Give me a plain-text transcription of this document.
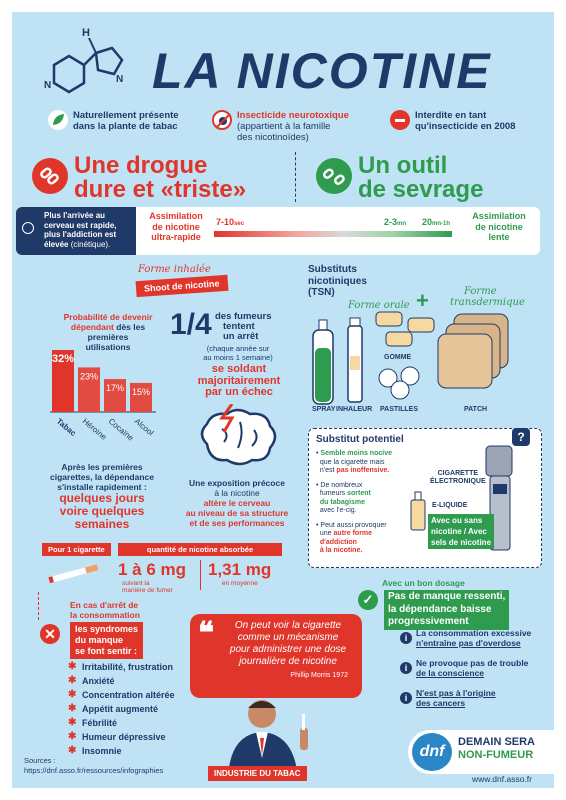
H
N
N LA NICOTINE
Naturellement présente
dans la plante de tabac
Insecticide neurotoxique
(appartient à la famille
des nicotinoïdes)
Interdite en tant
qu'insecticide en 2008
Une drogue
dure et «triste»
Un outil
de sevrage
Plus l'arrivée au
cerveau est rapide,
plus l'addiction est
élevée (cinétique).
Assimilation
de nicotine
ultra-rapide
7-10sec	2-3mn 20mn-1h
Assimilation
de nicotine
lente
Forme inhalée
Shoot de nicotine
Probabilité de devenir
dépendant dès les
premières
utilisations
32%
Tabac
23%
Héroïne
17%
Cocaïne
15%
Alcool
1/4 des fumeurs
tentent
un arrêt
(chaque année sur
au moins 1 semaine)
se soldant
majoritairement
par un échec
Une exposition précoce
à la nicotine
altère le cerveau
au niveau de sa structure
et de ses performances
Après les premières
cigarettes, la dépendance
s'installe rapidement :
quelques jours
voire quelques
semaines
Pour 1 cigarette	quantité de nicotine absorbée
1 à 6 mg
suivant la
manière de fumer
1,31 mg
en moyenne
En cas d'arrêt de
la consommation
✕	les syndromes
du manque
se font sentir :
✱ Irritabilité, frustration
✱ Anxiété
✱ Concentration altérée
✱ Appétit augmenté
✱ Fébrilité
✱ Humeur dépressive
✱ Insomnie
❝	On peut voir la cigarette
comme un mécanisme
pour administrer une dose
journalière de nicotine
Phillip Morris 1972
INDUSTRIE DU TABAC
Sources :
https://dnf.asso.fr/ressources/infographies
Substituts
nicotiniques
(TSN)
Forme orale +	Forme
transdermique
GOMME
SPRAY INHALEUR PASTILLES	PATCH
Substitut potentiel	?
• Semble moins nocive
que la cigarette mais
n'est pas inoffensive.
• De nombreux
fumeurs sortent
du tabagisme
avec l'e-cig.
• Peut aussi provoquer
une autre forme
d'addiction
à la nicotine.
CIGARETTE
ÉLECTRONIQUE
E-LIQUIDE
Avec ou sans
nicotine / Avec
sels de nicotine
Avec un bon dosage
✓	Pas de manque ressenti,
la dépendance baisse
progressivement
i	La consommation excessive
n'entraîne pas d'overdose
i	Ne provoque pas de trouble
de la conscience
i	N'est pas à l'origine
des cancers
dnf
DEMAIN SERA
NON-FUMEUR
www.dnf.asso.fr
